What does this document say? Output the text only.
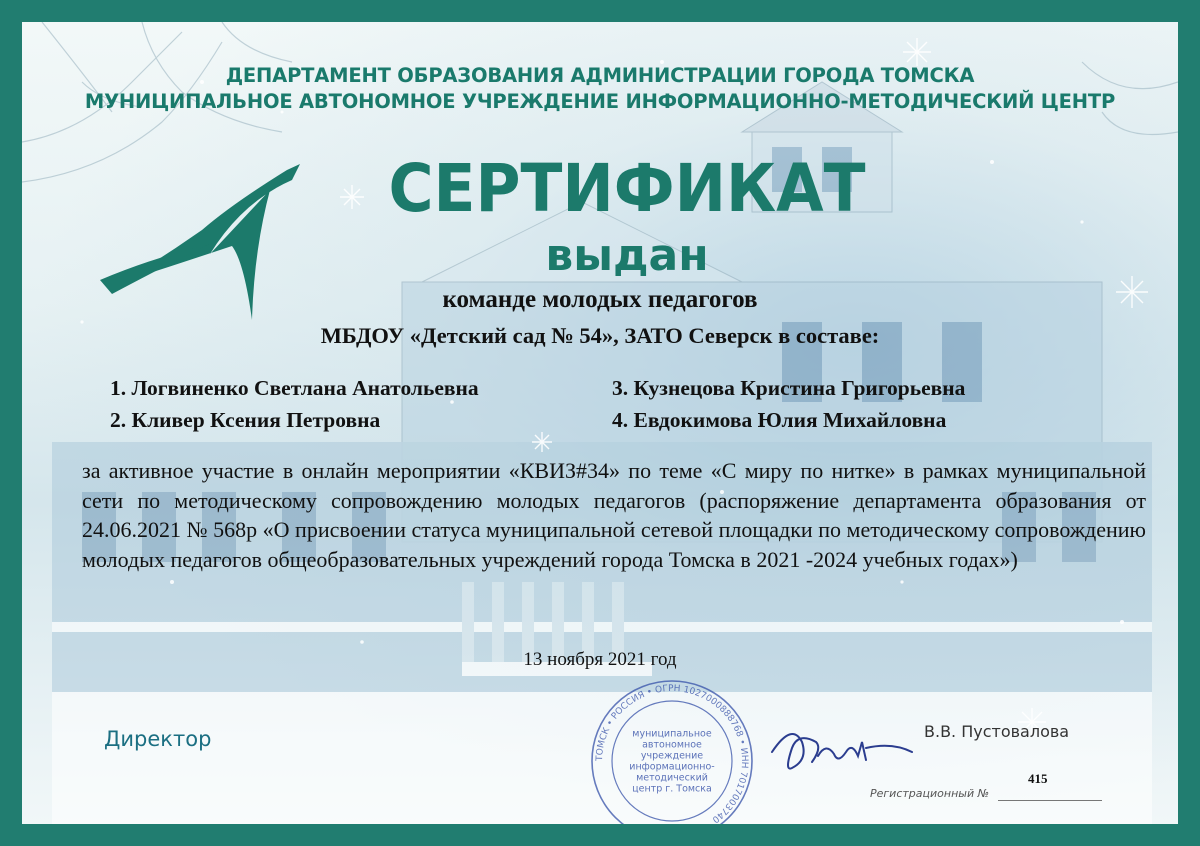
ДЕПАРТАМЕНТ ОБРАЗОВАНИЯ АДМИНИСТРАЦИИ ГОРОДА ТОМСКА
МУНИЦИПАЛЬНОЕ АВТОНОМНОЕ УЧРЕЖДЕНИЕ ИНФОРМАЦИОННО-МЕТОДИЧЕСКИЙ ЦЕНТР
СЕРТИФИКАТ
выдан
команде молодых педагогов
МБДОУ «Детский сад № 54», ЗАТО Северск в составе:
1. Логвиненко Светлана Анатольевна
2. Кливер Ксения Петровна
3. Кузнецова Кристина Григорьевна
4. Евдокимова Юлия Михайловна
за активное участие в онлайн мероприятии «КВИЗ#34» по теме «С миру по нитке» в рамках муниципальной сети по методическому сопровождению молодых педагогов (распоряжение департамента образования от 24.06.2021 № 568р «О присвоении статуса муниципальной сетевой площадки по методическому сопровождению молодых педагогов общеобразовательных учреждений города Томска в 2021 -2024 учебных годах»)
13 ноября 2021 год
ТОМСК • РОССИЯ • ОГРН 1027000888768 • ИНН 7017003740
муниципальное
автономное
учреждение
информационно-
методический
центр г. Томска
Директор	В.В. Пустовалова
415
Регистрационный №
